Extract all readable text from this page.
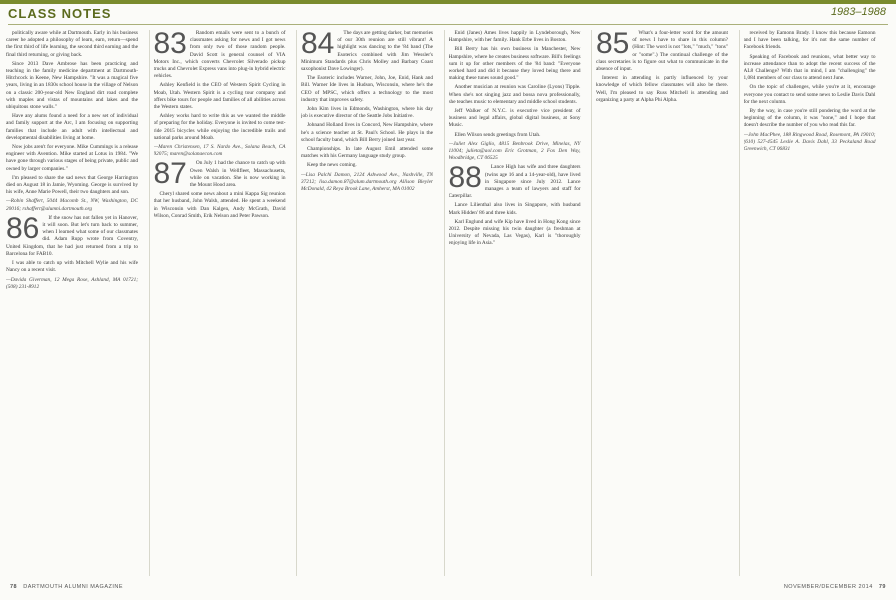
CLASS NOTES	1983–1988

politically aware while at Dartmouth. Early in his business career he adopted a philosophy of learn, earn, return—spend the first third of life learning, the second third earning and the final third returning, or giving back.

Since 2013 Dave Ambrose has been practicing and teaching in the family medicine department at Dartmouth-Hitchcock in Keene, New Hampshire. "It was a magical five years, living in an 1830s school house in the village of Nelson on a classic 200-year-old New England dirt road complete with maples and vistas of mountains and lakes and the ubiquitous stone walls."

Have any alums found a need for a new set of individual and family support at the Arc, I am focusing on supporting families that include an adult with intellectual and developmental disabilities living at home.

Now jobs aren't for everyone. Mike Cummings is a release engineer with Avention. Mike started at Lotus in 1984. "We have gone through various stages of being private, public and owned by larger companies."

I'm pleased to share the sad news that George Harrington died on August 18 in Jamie, Wyoming. George is survived by his wife, Anne Marie Powell, their two daughters and son.

—Robin Shaffert, 5044 Macomb St., NW, Washington, DC 20016; rshaffert@alumni.dartmouth.org

86	If the snow has not fallen yet in Hanover, it will soon. But let's turn back to summer, when I learned what some of our classmates did. Adam Rupp wrote from Coventry, United Kingdom, that he had just returned from a trip to Barcelona for FAB10.

I was able to catch up with Mitchell Wylie and his wife Nancy on a recent visit.

—Davida Giverman, 12 Mega Rose, Ashland, MA 01721; (508) 231-8912

83	Random emails were sent to a bunch of classmates asking for news and I got news from only two of those random people. David Scott is general counsel of VIA Motors Inc., which converts Chevrolet Silverado pickup trucks and Chevrolet Express vans into plug-in hybrid electric vehicles.

Ashley Kenfield is the CEO of Western Spirit Cycling in Moab, Utah. Western Spirit is a cycling tour company and offers bike tours for people and families of all abilities across the Western states.

Ashley works hard to write this as we wanted the middle of preparing for the holiday. Everyone is invited to come test-ride 2015 bicycles while enjoying the incredible trails and national parks around Moab.

—Maren Christensen, 17 S. Nardo Ave., Solana Beach, CA 92075; maren@solanaecon.com

87	On July 1 had the chance to catch up with Owen Walsh in Wellfleet, Massachusetts, while on vacation. She is now working in the Mount Hood area.

Cheryl shared some news about a mini Kappa Sig reunion that her husband, John Walsh, attended. He spent a weekend in Wisconsin with Dan Kalgen, Andy McGrath, David Wilson, Conrad Smith, Erik Nelson and Peter Pawson.

84	The days are getting darker, but memories of our 30th reunion are still vibrant! A highlight was dancing to the '84 band (The Esoterics combined with Jim Wessler's Minimum Standards plus Chris Molley and Barbary Coast saxophonist Dave Lowinger).

The Esoteric includes Warner, John, Joe, Enid, Hank and Bill. Warner Ide lives in Hudson, Wisconsin, where he's the CEO of MPSC, which offers a technology to the most industry that improves safety.

John Kim lives in Edmonds, Washington, where his day job is executive director of the Seattle Jobs Initiative.

Johnand Holland lives in Concord, New Hampshire, where he's a science teacher at St. Paul's School. He plays in the school faculty band, which Bill Berry joined last year.

Championships. In late August Emil attended some matches with his Germany language study group.

Keep the news coming.

—Lisa Palchi Damon, 2124 Ashwood Ave., Nashville, TN 37212; lisa.damon.87@alum.dartmouth.org Allison Bleyler McDonald, 42 Reya Brook Lane, Amherst, MA 01002

Enid (Janes) Ames lives happily in Lyndeborough, New Hampshire, with her family. Hank Erbe lives in Boston.

Bill Berry has his own business in Manchester, New Hampshire, where he creates business software. Bill's feelings sum it up for other members of the '84 band: "Everyone worked hard and did it because they loved being there and making these tunes sound good."

Another musician at reunion was Caroline (Lyons) Tipple. When she's not singing jazz and bossa nova professionally, she teaches music to elementary and middle school students.

Jeff Walker of N.Y.C. is executive vice president of business and legal affairs, global digital business, at Sony Music.

Ellen Wilson sends greetings from Utah.

—Juliet Alex Giglio, 4815 Benbrook Drive, Minelas, NY 11004; julieta@aol.com Eric Grotman, 2 Fox Den Way, Woodbridge, CT 06525

88	Lance High has wife and three daughters (twins age 16 and a 14-year-old), have lived in Singapore since July 2012. Lance manages a team of lawyers and staff for Caterpillar.

Lance Lilienthal also lives in Singapore, with husband Mark Hidden' 86 and three kids.

Karl Englund and wife Kip have lived in Hong Kong since 2012. Despite missing his twin daughter (a freshman at University of Nevada, Las Vegas), Karl is "thoroughly enjoying life in Asia."

85	What's a four-letter word for the amount of news I have to share in this column? (Hint: The word is not "lots," "much," "tons" or "some".) The continual challenge of the class secretaries is to figure out what to communicate in the absence of input.

Interest in attending is partly influenced by your knowledge of which fellow classmates will also be there. Well, I'm pleased to say Russ Mitchell is attending and organizing a party at Alpha Phi Alpha.

received by Eamonn Brady. I know this because Eamonn and I have been talking, for it's not the same number of Facebook friends.

Speaking of Facebook and reunions, what better way to increase attendance than to adopt the recent success of the AL8 Challenge? With that in mind, I am "challenging" the 1,084 members of our class to attend next June.

On the topic of challenges, while you're at it, encourage everyone you contact to send some news to Leslie Davis Dahl for the next column.

By the way, in case you're still pondering the word at the beginning of the column, it was "none," and I hope that doesn't describe the number of you who read this far.

—John MacPhee, 188 Ringwood Road, Rosemont, PA 19010; (610) 527-4545 Leslie A. Davis Dahl, 33 Peckaland Road Greenwich, CT 06831

78 DARTMOUTH ALUMNI MAGAZINE	NOVEMBER/DECEMBER 2014 79
